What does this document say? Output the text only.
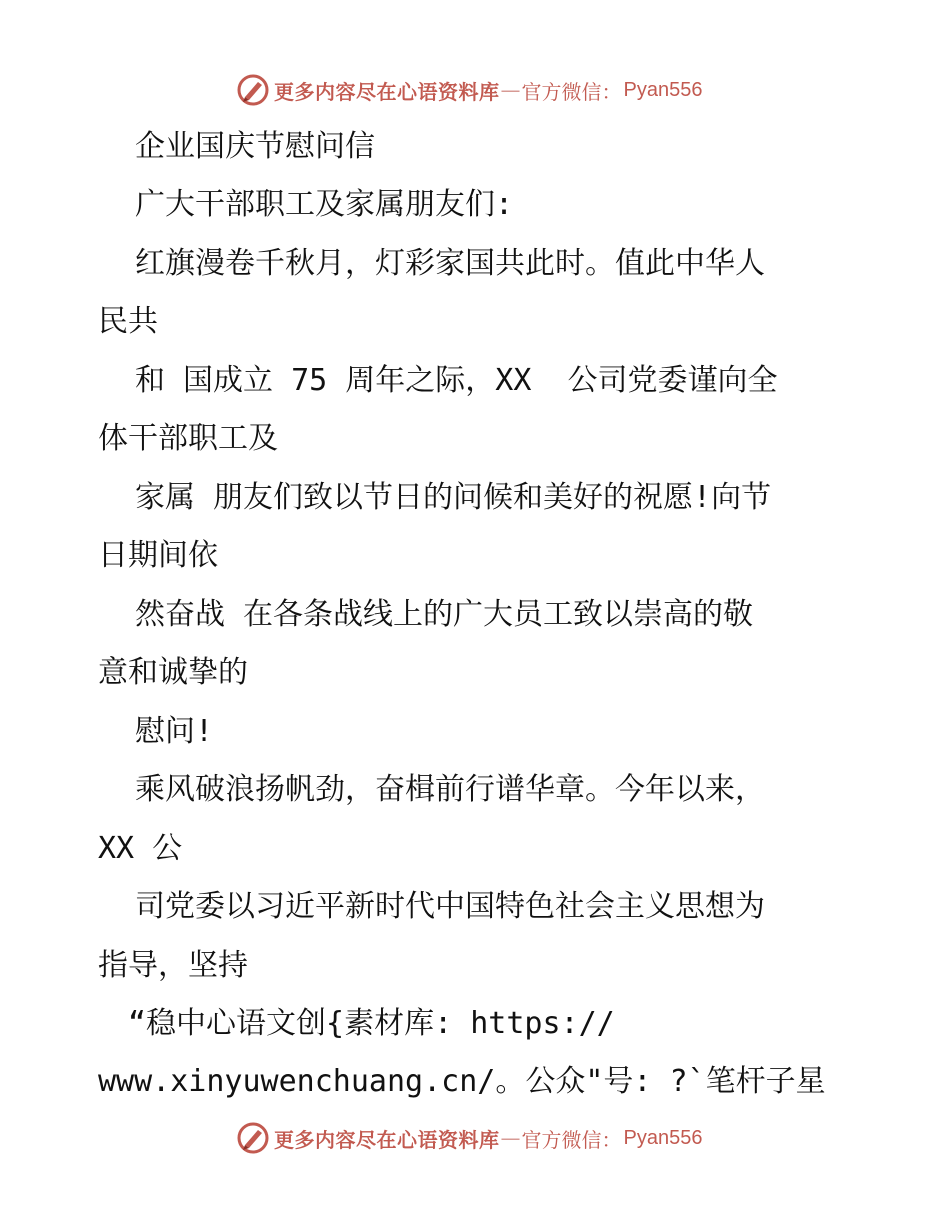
更多内容尽在心语资料库 — 官方微信： Pyan556
企业国庆节慰问信
广大干部职工及家属朋友们:
红旗漫卷千秋月，灯彩家国共此时。值此中华人
民共
和 国成立 75 周年之际，XX  公司党委谨向全
体干部职工及
家属 朋友们致以节日的问候和美好的祝愿!向节
日期间依
然奋战 在各条战线上的广大员工致以崇高的敬
意和诚挚的
慰问!
乘风破浪扬帆劲，奋楫前行谱华章。今年以来，
XX 公
司党委以习近平新时代中国特色社会主义思想为
指导，坚持
“稳中心语文创{素材库: https://
www.xinyuwenchuang.cn/。公众"号: ?`笔杆子星
更多内容尽在心语资料库 — 官方微信： Pyan556
